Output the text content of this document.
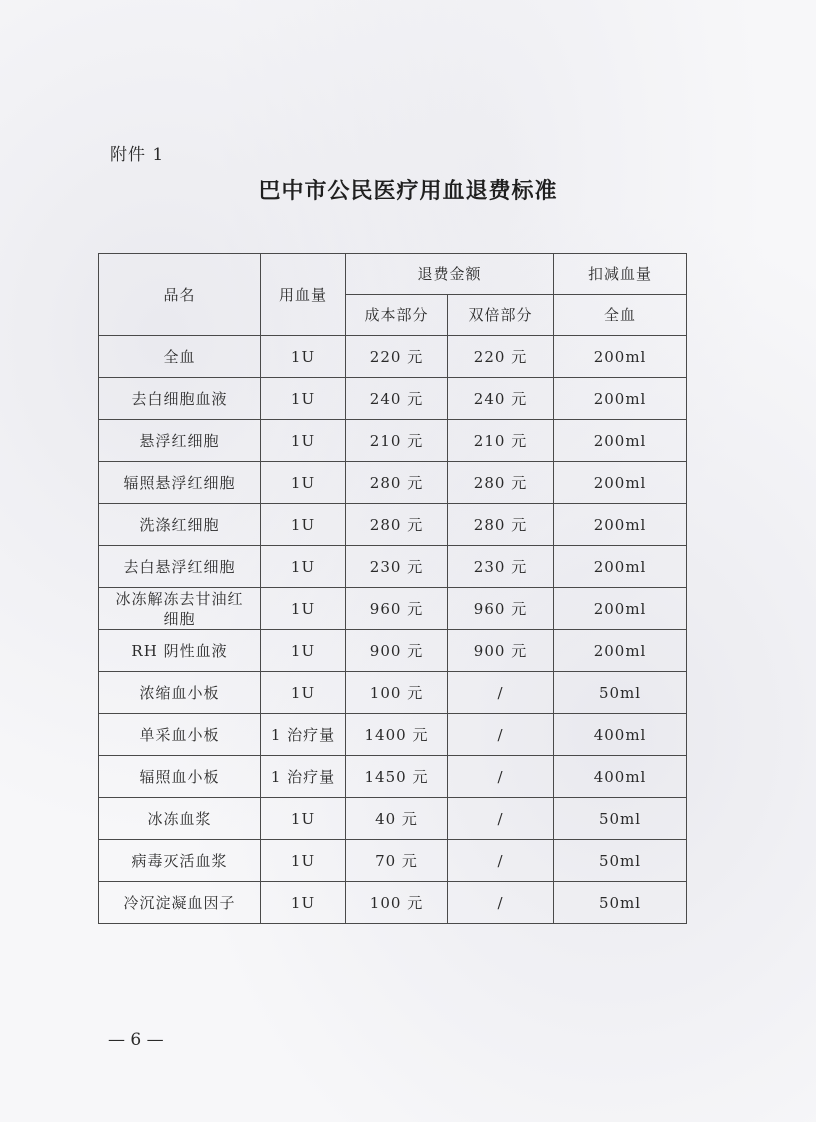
附件 1
巴中市公民医疗用血退费标准
品名	用血量	退费金额		扣减血量
		成本部分	双倍部分	全血
全血	1U	220 元	220 元	200ml
去白细胞血液	1U	240 元	240 元	200ml
悬浮红细胞	1U	210 元	210 元	200ml
辐照悬浮红细胞	1U	280 元	280 元	200ml
洗涤红细胞	1U	280 元	280 元	200ml
去白悬浮红细胞	1U	230 元	230 元	200ml
冰冻解冻去甘油红细胞	1U	960 元	960 元	200ml
RH 阴性血液	1U	900 元	900 元	200ml
浓缩血小板	1U	100 元	/	50ml
单采血小板	1 治疗量	1400 元	/	400ml
辐照血小板	1 治疗量	1450 元	/	400ml
冰冻血浆	1U	40 元	/	50ml
病毒灭活血浆	1U	70 元	/	50ml
冷沉淀凝血因子	1U	100 元	/	50ml
— 6 —
